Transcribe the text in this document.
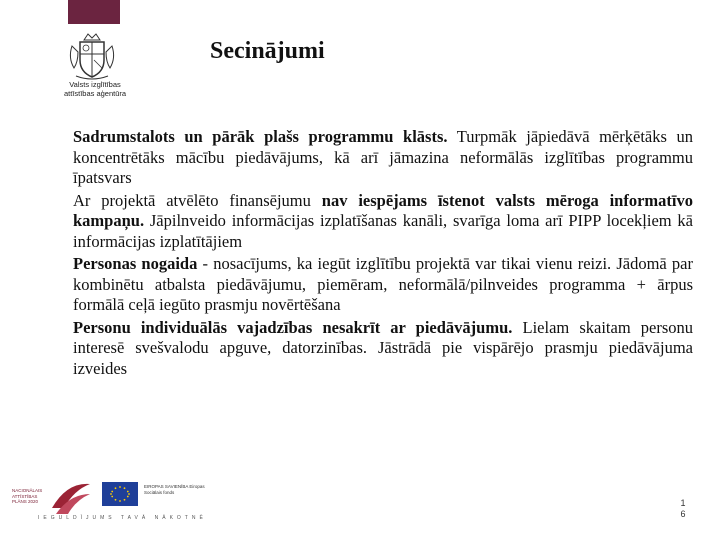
Valsts izglītības
attīstības aģentūra
Secinājumi

Sadrumstalots un pārāk plašs programmu klāsts. Turpmāk jāpiedāvā mērķētāks un koncentrētāks mācību piedāvājums, kā arī jāmazina neformālās izglītības programmu īpatsvars

Ar projektā atvēlēto finansējumu nav iespējams īstenot valsts mēroga informatīvo kampaņu. Jāpilnveido informācijas izplatīšanas kanāli, svarīga loma arī PIPP locekļiem kā informācijas izplatītājiem

Personas nogaida - nosacījums, ka iegūt izglītību projektā var tikai vienu reizi. Jādomā par kombinētu atbalsta piedāvājumu, piemēram, neformālā/pilnveides programma + ārpus formālā ceļā iegūto prasmju novērtēšana

Personu individuālās vajadzības nesakrīt ar piedāvājumu. Lielam skaitam personu interesē svešvalodu apguve, datorzinības. Jāstrādā pie vispārējo prasmju piedāvājuma izveides

NACIONĀLAIS ATTĪSTĪBAS PLĀNS 2020
EIROPAS SAVIENĪBA Eiropas Sociālais fonds
IEGULDĪJUMS TAVĀ NĀKOTNĒ
1
6
